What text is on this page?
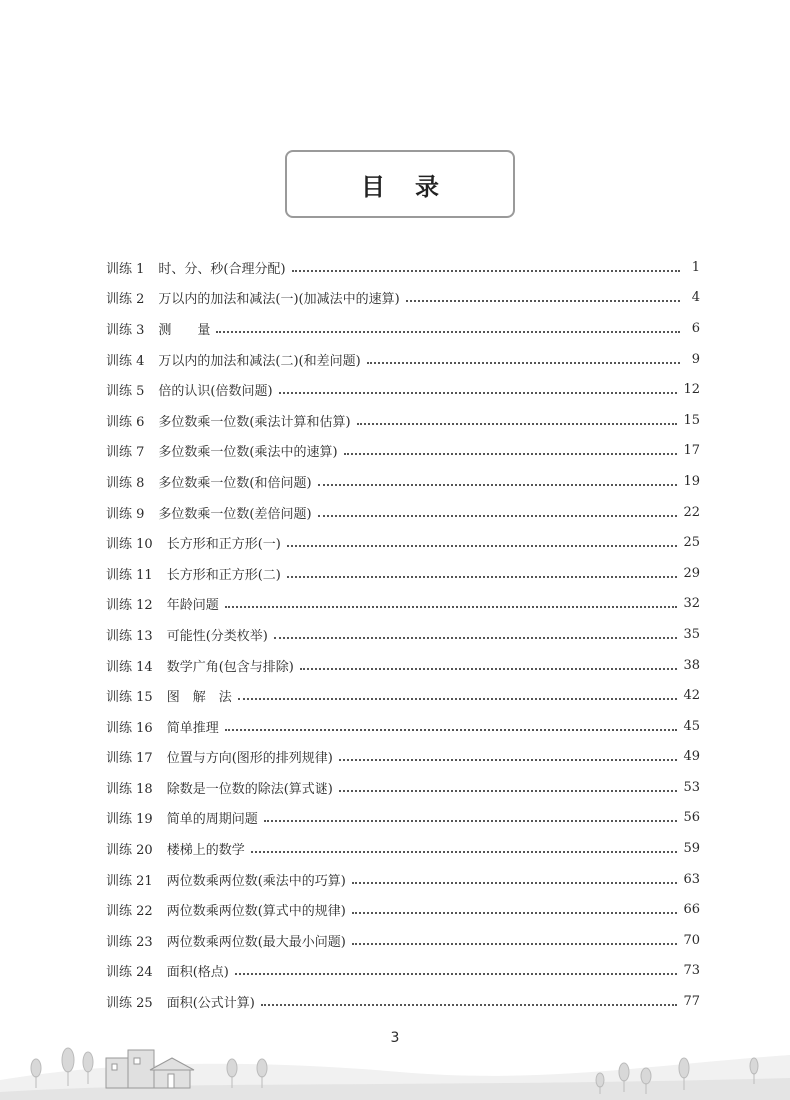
目录
训练 1 时、分、秒(合理分配)	1
训练 2 万以内的加法和减法(一)(加减法中的速算)	4
训练 3 测　　量	6
训练 4 万以内的加法和减法(二)(和差问题)	9
训练 5 倍的认识(倍数问题)	12
训练 6 多位数乘一位数(乘法计算和估算)	15
训练 7 多位数乘一位数(乘法中的速算)	17
训练 8 多位数乘一位数(和倍问题)	19
训练 9 多位数乘一位数(差倍问题)	22
训练 10 长方形和正方形(一)	25
训练 11 长方形和正方形(二)	29
训练 12 年龄问题	32
训练 13 可能性(分类枚举)	35
训练 14 数学广角(包含与排除)	38
训练 15 图　解　法	42
训练 16 简单推理	45
训练 17 位置与方向(图形的排列规律)	49
训练 18 除数是一位数的除法(算式谜)	53
训练 19 简单的周期问题	56
训练 20 楼梯上的数学	59
训练 21 两位数乘两位数(乘法中的巧算)	63
训练 22 两位数乘两位数(算式中的规律)	66
训练 23 两位数乘两位数(最大最小问题)	70
训练 24 面积(格点)	73
训练 25 面积(公式计算)	77
3
